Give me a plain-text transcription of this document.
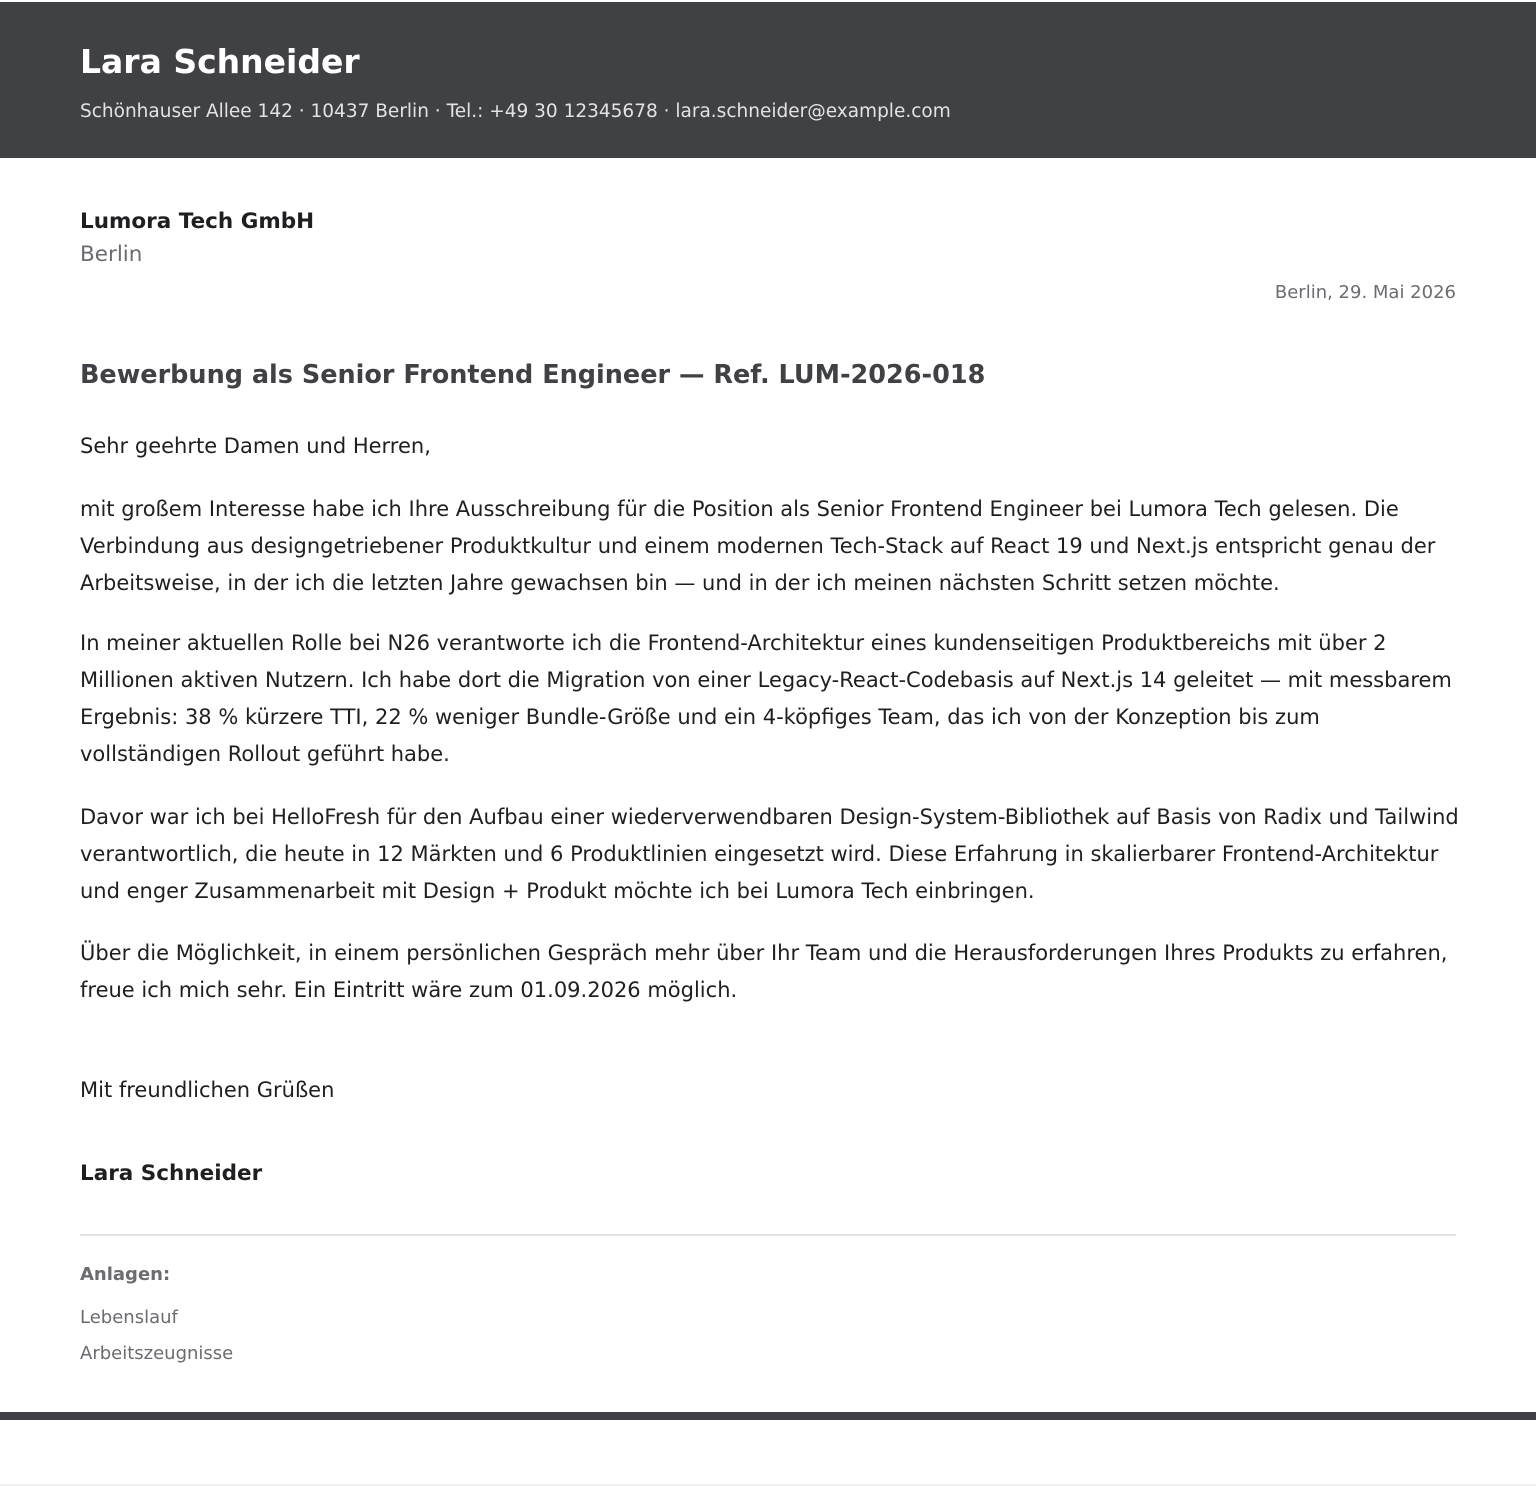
Lara Schneider
Schönhauser Allee 142 · 10437 Berlin · Tel.: +49 30 12345678 · lara.schneider@example.com
Lumora Tech GmbH
Berlin
Berlin, 29. Mai 2026
Bewerbung als Senior Frontend Engineer — Ref. LUM-2026-018
Sehr geehrte Damen und Herren,

mit großem Interesse habe ich Ihre Ausschreibung für die Position als Senior Frontend Engineer bei Lumora Tech gelesen. Die Verbindung aus designgetriebener Produktkultur und einem modernen Tech-Stack auf React 19 und Next.js entspricht genau der Arbeitsweise, in der ich die letzten Jahre gewachsen bin — und in der ich meinen nächsten Schritt setzen möchte.

In meiner aktuellen Rolle bei N26 verantworte ich die Frontend-Architektur eines kundenseitigen Produktbereichs mit über 2 Millionen aktiven Nutzern. Ich habe dort die Migration von einer Legacy-React-Codebasis auf Next.js 14 geleitet — mit messbarem Ergebnis: 38 % kürzere TTI, 22 % weniger Bundle-Größe und ein 4-köpfiges Team, das ich von der Konzeption bis zum vollständigen Rollout geführt habe.

Davor war ich bei HelloFresh für den Aufbau einer wiederverwendbaren Design-System-Bibliothek auf Basis von Radix und Tailwind verantwortlich, die heute in 12 Märkten und 6 Produktlinien eingesetzt wird. Diese Erfahrung in skalierbarer Frontend-Architektur und enger Zusammenarbeit mit Design + Produkt möchte ich bei Lumora Tech einbringen.

Über die Möglichkeit, in einem persönlichen Gespräch mehr über Ihr Team und die Herausforderungen Ihres Produkts zu erfahren, freue ich mich sehr. Ein Eintritt wäre zum 01.09.2026 möglich.

Mit freundlichen Grüßen
Lara Schneider
Anlagen:
Lebenslauf
Arbeitszeugnisse
